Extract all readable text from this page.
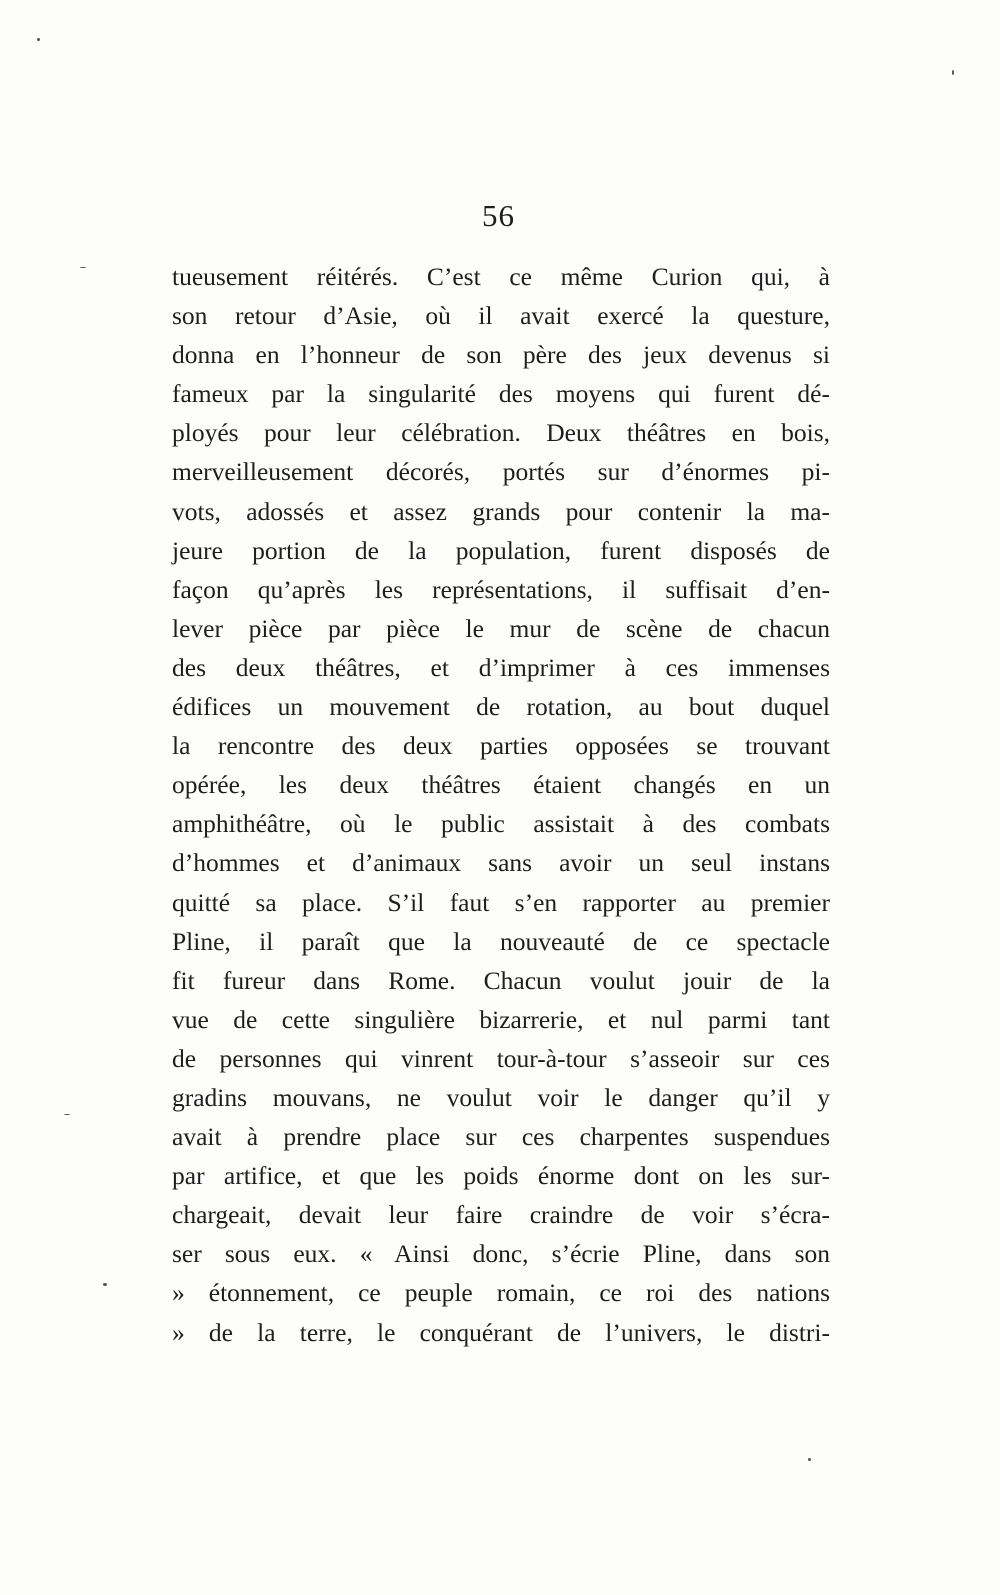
56
tueusement réitérés. C’est ce même Curion qui, à
son retour d’Asie, où il avait exercé la questure,
donna en l’honneur de son père des jeux devenus si
fameux par la singularité des moyens qui furent dé-
ployés pour leur célébration. Deux théâtres en bois,
merveilleusement décorés, portés sur d’énormes pi-
vots, adossés et assez grands pour contenir la ma-
jeure portion de la population, furent disposés de
façon qu’après les représentations, il suffisait d’en-
lever pièce par pièce le mur de scène de chacun
des deux théâtres, et d’imprimer à ces immenses
édifices un mouvement de rotation, au bout duquel
la rencontre des deux parties opposées se trouvant
opérée, les deux théâtres étaient changés en un
amphithéâtre, où le public assistait à des combats
d’hommes et d’animaux sans avoir un seul instans
quitté sa place. S’il faut s’en rapporter au premier
Pline, il paraît que la nouveauté de ce spectacle
fit fureur dans Rome. Chacun voulut jouir de la
vue de cette singulière bizarrerie, et nul parmi tant
de personnes qui vinrent tour-à-tour s’asseoir sur ces
gradins mouvans, ne voulut voir le danger qu’il y
avait à prendre place sur ces charpentes suspendues
par artifice, et que les poids énorme dont on les sur-
chargeait, devait leur faire craindre de voir s’écra-
ser sous eux. « Ainsi donc, s’écrie Pline, dans son
» étonnement, ce peuple romain, ce roi des nations
» de la terre, le conquérant de l’univers, le distri-
